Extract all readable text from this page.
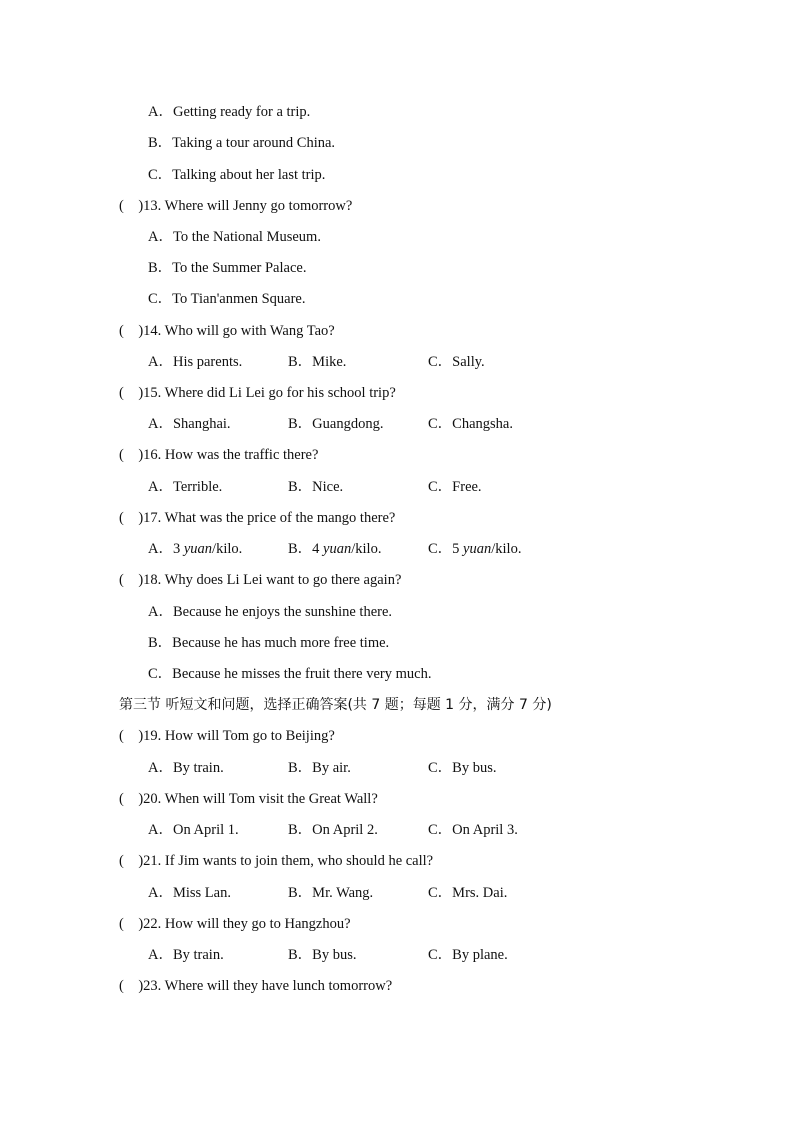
A．Getting ready for a trip.
B．Taking a tour around China.
C．Talking about her last trip.
(    )13. Where will Jenny go tomorrow?
A．To the National Museum.
B．To the Summer Palace.
C．To Tian'anmen Square.
(    )14. Who will go with Wang Tao?
A．His parents.	B．Mike.	C．Sally.
(    )15. Where did Li Lei go for his school trip?
A．Shanghai.	B．Guangdong.	C．Changsha.
(    )16. How was the traffic there?
A．Terrible.	B．Nice.	C．Free.
(    )17. What was the price of the mango there?
A．3 yuan/kilo.	B．4 yuan/kilo.	C．5 yuan/kilo.
(    )18. Why does Li Lei want to go there again?
A．Because he enjoys the sunshine there.
B．Because he has much more free time.
C．Because he misses the fruit there very much.
第三节 听短文和问题，选择正确答案(共 7 题；每题 1 分，满分 7 分)
(    )19. How will Tom go to Beijing?
A．By train.	B．By air.	C．By bus.
(    )20. When will Tom visit the Great Wall?
A．On April 1.	B．On April 2.	C．On April 3.
(    )21. If Jim wants to join them, who should he call?
A．Miss Lan.	B．Mr. Wang.	C．Mrs. Dai.
(    )22. How will they go to Hangzhou?
A．By train.	B．By bus.	C．By plane.
(    )23. Where will they have lunch tomorrow?
